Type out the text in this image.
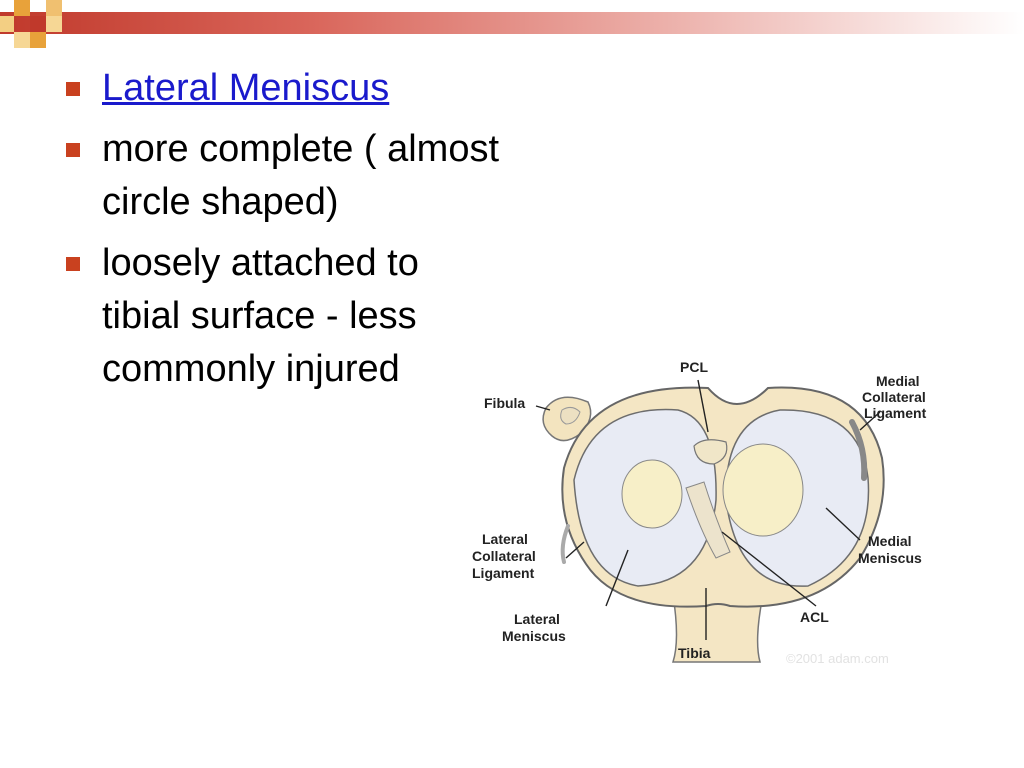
Lateral Meniscus
more complete ( almost circle shaped)
loosely attached to tibial surface - less commonly injured	PCL
Fibula
Medial
Collateral
Ligament
Lateral
Collateral
Ligament
Medial
Meniscus
Lateral
Meniscus
ACL
Tibia	©2001 adam.com
